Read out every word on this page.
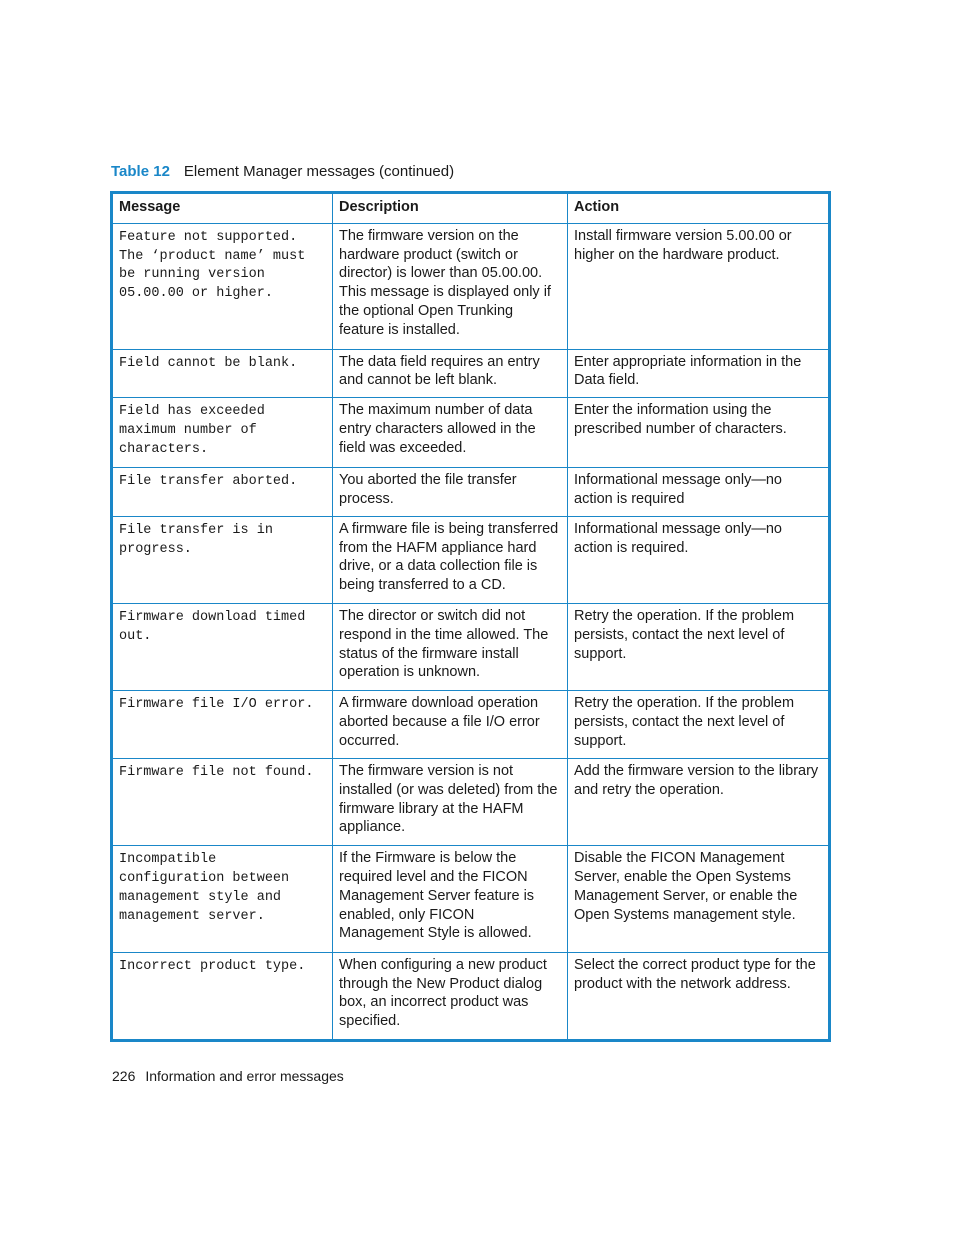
Table 12 Element Manager messages (continued)
Message	Description	Action
Feature not supported. The ‘product name’ must be running version 05.00.00 or higher.	The firmware version on the hardware product (switch or director) is lower than 05.00.00. This message is displayed only if the optional Open Trunking feature is installed.	Install firmware version 5.00.00 or higher on the hardware product.
Field cannot be blank.	The data field requires an entry and cannot be left blank.	Enter appropriate information in the Data field.
Field has exceeded maximum number of characters.	The maximum number of data entry characters allowed in the field was exceeded.	Enter the information using the prescribed number of characters.
File transfer aborted.	You aborted the file transfer process.	Informational message only—no action is required
File transfer is in progress.	A firmware file is being transferred from the HAFM appliance hard drive, or a data collection file is being transferred to a CD.	Informational message only—no action is required.
Firmware download timed out.	The director or switch did not respond in the time allowed. The status of the firmware install operation is unknown.	Retry the operation. If the problem persists, contact the next level of support.
Firmware file I/O error.	A firmware download operation aborted because a file I/O error occurred.	Retry the operation. If the problem persists, contact the next level of support.
Firmware file not found.	The firmware version is not installed (or was deleted) from the firmware library at the HAFM appliance.	Add the firmware version to the library and retry the operation.
Incompatible configuration between management style and management server.	If the Firmware is below the required level and the FICON Management Server feature is enabled, only FICON Management Style is allowed.	Disable the FICON Management Server, enable the Open Systems Management Server, or enable the Open Systems management style.
Incorrect product type.	When configuring a new product through the New Product dialog box, an incorrect product was specified.	Select the correct product type for the product with the network address.
226 Information and error messages
